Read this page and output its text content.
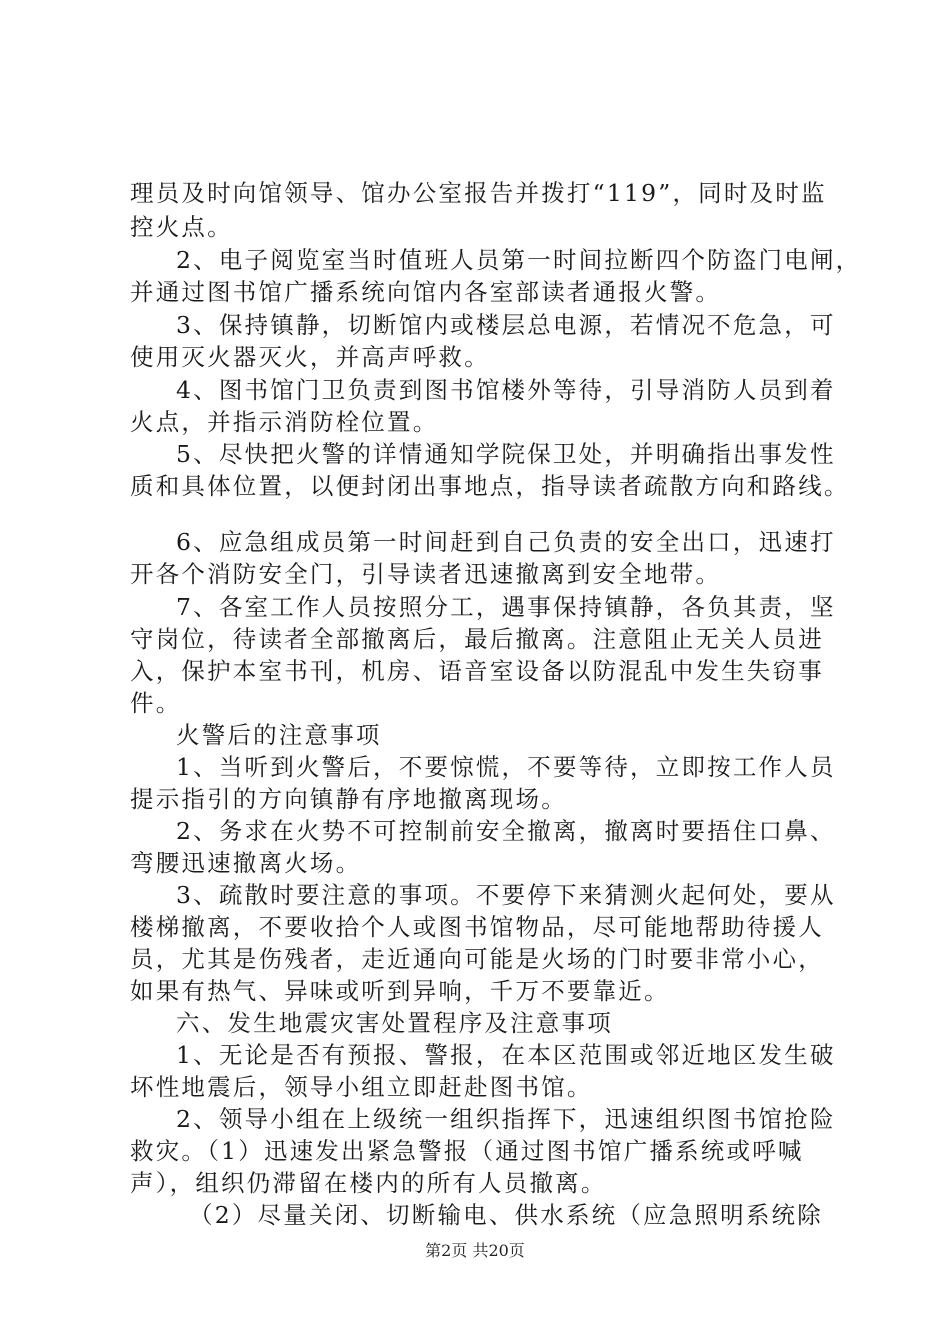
理员及时向馆领导、馆办公室报告并拨打“119”，同时及时监
控火点。
2、电子阅览室当时值班人员第一时间拉断四个防盗门电闸，
并通过图书馆广播系统向馆内各室部读者通报火警。
3、保持镇静，切断馆内或楼层总电源，若情况不危急，可
使用灭火器灭火，并高声呼救。
4、图书馆门卫负责到图书馆楼外等待，引导消防人员到着
火点，并指示消防栓位置。
5、尽快把火警的详情通知学院保卫处，并明确指出事发性
质和具体位置，以便封闭出事地点，指导读者疏散方向和路线。
6、应急组成员第一时间赶到自己负责的安全出口，迅速打
开各个消防安全门，引导读者迅速撤离到安全地带。
7、各室工作人员按照分工，遇事保持镇静，各负其责，坚
守岗位，待读者全部撤离后，最后撤离。注意阻止无关人员进
入，保护本室书刊，机房、语音室设备以防混乱中发生失窃事
件。
火警后的注意事项
1、当听到火警后，不要惊慌，不要等待，立即按工作人员
提示指引的方向镇静有序地撤离现场。
2、务求在火势不可控制前安全撤离，撤离时要捂住口鼻、
弯腰迅速撤离火场。
3、疏散时要注意的事项。不要停下来猜测火起何处，要从
楼梯撤离，不要收拾个人或图书馆物品，尽可能地帮助待援人
员，尤其是伤残者，走近通向可能是火场的门时要非常小心，
如果有热气、异味或听到异响，千万不要靠近。
六、发生地震灾害处置程序及注意事项
1、无论是否有预报、警报，在本区范围或邻近地区发生破
坏性地震后，领导小组立即赶赴图书馆。
2、领导小组在上级统一组织指挥下，迅速组织图书馆抢险
救灾。（1）迅速发出紧急警报（通过图书馆广播系统或呼喊
声），组织仍滞留在楼内的所有人员撤离。
（2）尽量关闭、切断输电、供水系统（应急照明系统除
第2页 共20页
